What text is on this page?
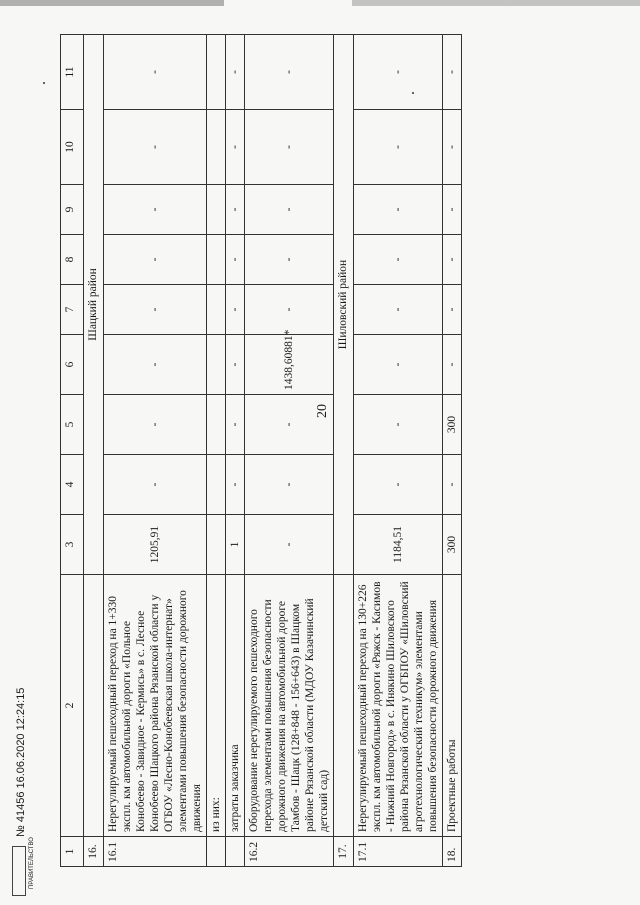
20
1	2	3	4	5	6	7	8	9	10	11
16.		Шацкий район								
16.1	Нерегулируемый пешеходный переход на 1+330 экспл. км автомобильной дороги «Польное Конобеево - Завидное - Кермись» в с. Лесное Конобеево Шацкого района Рязанской области у ОГБОУ «Лесно-Конобеевская школа-интернат» элементами повышения безопасности дорожного движения	1205,91	-	-	-	-	-	-	-	-
	из них:									
	затраты заказчика	1	-	-	-	-	-	-	-	-
16.2	Оборудование нерегулируемого пешеходного перехода элементами повышения безопасности дорожного движения на автомобильной дороге Тамбов - Шацк (128+848 - 156+643) в Шацком районе Рязанской области (МДОУ Казачинский детский сад)	-	-	-	1438,60881*	-	-	-	-	-
17.		Шиловский район								
17.1	Нерегулируемый пешеходный переход на 130+226 экспл. км автомобильной дороги «Ряжск - Касимов - Нижний Новгород» в с. Инякино Шиловского района Рязанской области у ОГБПОУ «Шиловский агротехнологический техникум» элементами повышения безопасности дорожного движения	1184,51	-	-	-	-	-	-	-	-
18.	Проектные работы	300	-	300	-	-	-	-	-	-
№ 41456 16.06.2020 12:24:15
ПРАВИТЕЛЬСТВО
